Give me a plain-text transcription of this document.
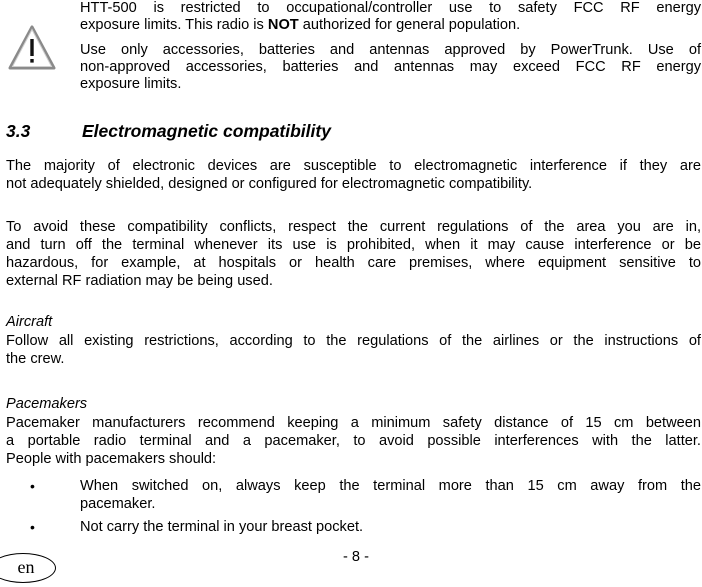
HTT-500 is restricted to occupational/controller use to safety FCC RF energy
exposure limits. This radio is NOT authorized for general population.
Use only accessories, batteries and antennas approved by PowerTrunk. Use of
non-approved accessories, batteries and antennas may exceed FCC RF energy
exposure limits.
3.3	Electromagnetic compatibility
The majority of electronic devices are susceptible to electromagnetic interference if they are
not adequately shielded, designed or configured for electromagnetic compatibility.
To avoid these compatibility conflicts, respect the current regulations of the area you are in,
and turn off the terminal whenever its use is prohibited, when it may cause interference or be
hazardous, for example, at hospitals or health care premises, where equipment sensitive to
external RF radiation may be being used.
Aircraft
Follow all existing restrictions, according to the regulations of the airlines or the instructions of
the crew.
Pacemakers
Pacemaker manufacturers recommend keeping a minimum safety distance of 15 cm between
a portable radio terminal and a pacemaker, to avoid possible interferences with the latter.
People with pacemakers should:
•	When switched on, always keep the terminal more than 15 cm away from the
pacemaker.
•	Not carry the terminal in your breast pocket.
- 8 -
en
